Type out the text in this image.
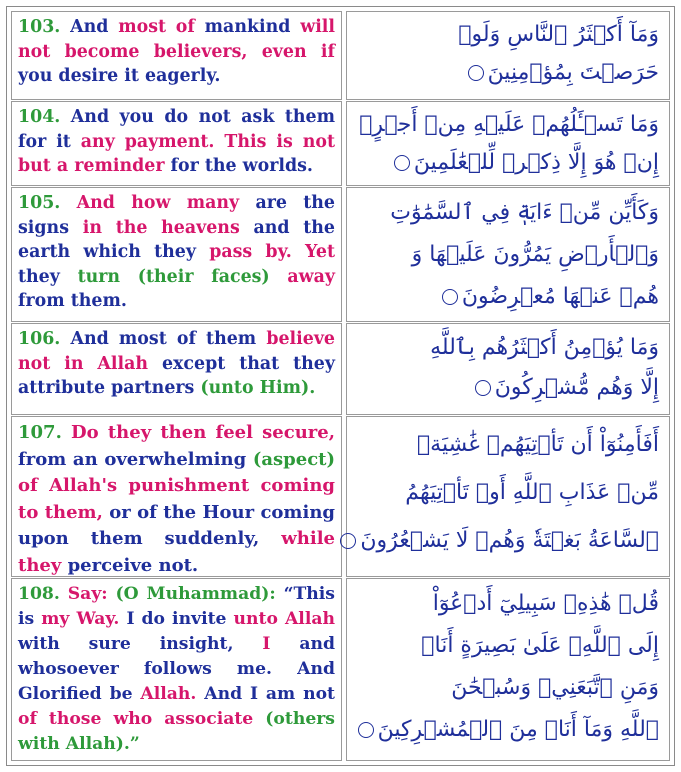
103. And most of mankind will not become believers, even if you desire it eagerly.
وَمَآ أَكۡثَرُ ٱلنَّاسِ وَلَوۡ
حَرَصۡتَ بِمُؤۡمِنِينَ
104. And you do not ask them for it any payment. This is not but a reminder for the worlds.
وَمَا تَسۡـَٔلُهُمۡ عَلَيۡهِ مِنۡ أَجۡرٍۚ
إِنۡ هُوَ إِلَّا ذِكۡرٞ لِّلۡعَٰلَمِينَ
105. And how many are the signs in the heavens and the earth which they pass by. Yet they turn (their faces) away from them.
وَكَأَيِّن مِّنۡ ءَايَةٖ فِي ٱلسَّمَٰوَٰتِ
وَٱلۡأَرۡضِ يَمُرُّونَ عَلَيۡهَا وَ
هُمۡ عَنۡهَا مُعۡرِضُونَ
106. And most of them believe not in Allah except that they attribute partners (unto Him).
وَمَا يُؤۡمِنُ أَكۡثَرُهُم بِٱللَّهِ
إِلَّا وَهُم مُّشۡرِكُونَ
107. Do they then feel secure, from an overwhelming (aspect) of Allah's punishment coming to them, or of the Hour coming upon them suddenly, while they perceive not.
أَفَأَمِنُوٓاْ أَن تَأۡتِيَهُمۡ غَٰشِيَةٞ
مِّنۡ عَذَابِ ٱللَّهِ أَوۡ تَأۡتِيَهُمُ
ٱلسَّاعَةُ بَغۡتَةٗ وَهُمۡ لَا يَشۡعُرُونَ
108. Say: (O Muhammad): “This is my Way. I do invite unto Allah with sure insight, I and whosoever follows me. And Glorified be Allah. And I am not of those who associate (others with Allah).”
قُلۡ هَٰذِهِۦ سَبِيلِيٓ أَدۡعُوٓاْ
إِلَى ٱللَّهِۚ عَلَىٰ بَصِيرَةٍ أَنَا۠
وَمَنِ ٱتَّبَعَنِيۖ وَسُبۡحَٰنَ
ٱللَّهِ وَمَآ أَنَا۠ مِنَ ٱلۡمُشۡرِكِينَ
